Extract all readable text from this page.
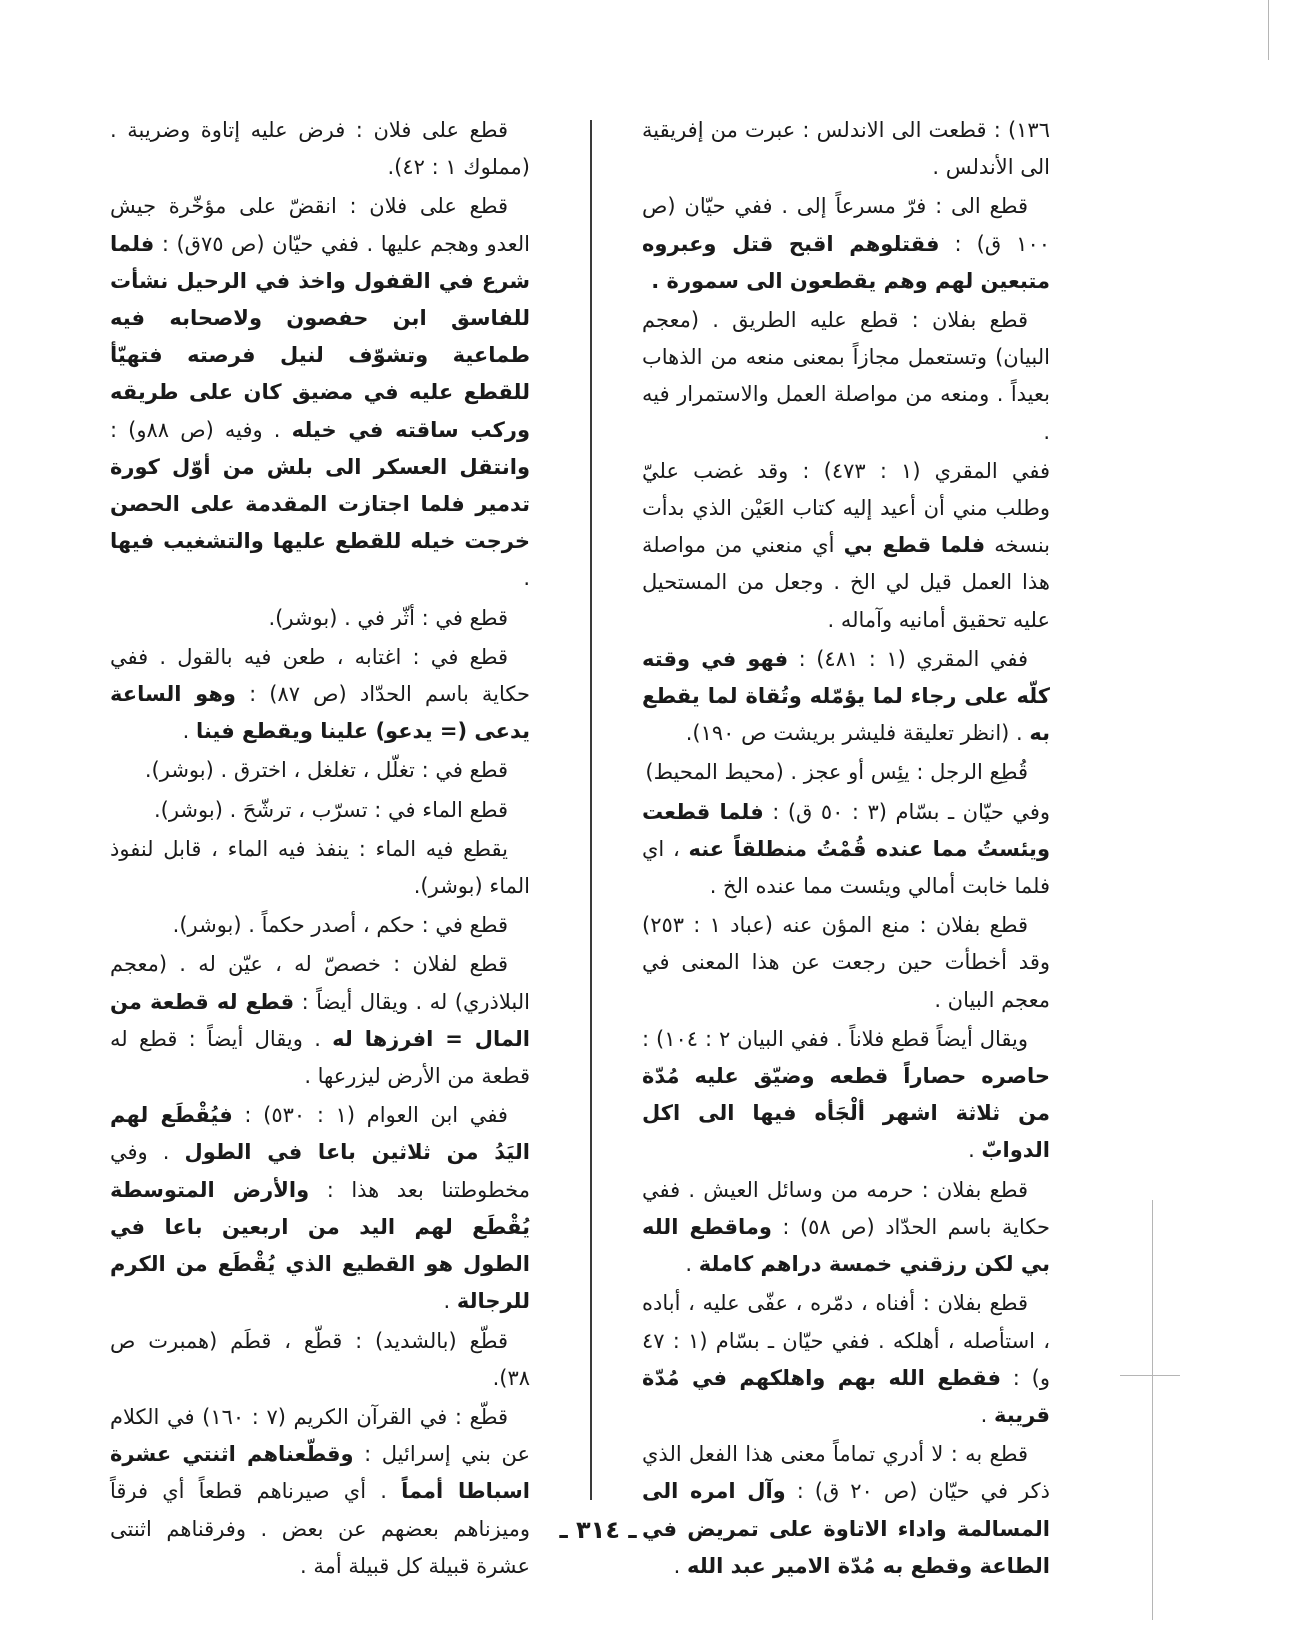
١٣٦) : قطعت الى الاندلس : عبرت من إفريقية الى الأندلس .

قطع الى : فرّ مسرعاً إلى . ففي حيّان (ص ١٠٠ ق) : فقتلوهم اقبح قتل وعبروه متبعين لهم وهم يقطعون الى سمورة .

قطع بفلان : قطع عليه الطريق . (معجم البيان) وتستعمل مجازاً بمعنى منعه من الذهاب بعيداً . ومنعه من مواصلة العمل والاستمرار فيه .

ففي المقري (١ : ٤٧٣) : وقد غضب عليّ وطلب مني أن أعيد إليه كتاب العَيْن الذي بدأت بنسخه فلما قطع بي أي منعني من مواصلة هذا العمل قيل لي الخ . وجعل من المستحيل عليه تحقيق أمانيه وآماله .

ففي المقري (١ : ٤٨١) : فهو في وقته كلّه على رجاء لما يؤمّله وتُقاة لما يقطع به . (انظر تعليقة فليشر بريشت ص ١٩٠).

قُطِع الرجل : يئِس أو عجز . (محيط المحيط)

وفي حيّان ـ بسّام (٣ : ٥٠ ق) : فلما قطعت ويئستُ مما عنده قُمْتُ منطلقاً عنه ، اي فلما خابت أمالي ويئست مما عنده الخ .

قطع بفلان : منع المؤن عنه (عباد ١ : ٢٥٣) وقد أخطأت حين رجعت عن هذا المعنى في معجم البيان .

ويقال أيضاً قطع فلاناً . ففي البيان ٢ : ١٠٤) : حاصره حصاراً قطعه وضيّق عليه مُدّة من ثلاثة اشهر ألْجَأه فيها الى اكل الدوابّ .

قطع بفلان : حرمه من وسائل العيش . ففي حكاية باسم الحدّاد (ص ٥٨) : وماقطع الله بي لكن رزقني خمسة دراهم كاملة .

قطع بفلان : أفناه ، دمّره ، عفّى عليه ، أباده ، استأصله ، أهلكه . ففي حيّان ـ بسّام (١ : ٤٧ و) : فقطع الله بهم واهلكهم في مُدّة قريبة .

قطع به : لا أدري تماماً معنى هذا الفعل الذي ذكر في حيّان (ص ٢٠ ق) : وآل امره الى المسالمة واداء الاتاوة على تمريض في الطاعة وقطع به مُدّة الامير عبد الله .

قطع على فلان : فرض عليه إتاوة وضريبة . (مملوك ١ : ٤٢).

قطع على فلان : انقضّ على مؤخّرة جيش العدو وهجم عليها . ففي حيّان (ص ٧٥ق) : فلما شرع في القفول واخذ في الرحيل نشأت للفاسق ابن حفصون ولاصحابه فيه طماعية وتشوّف لنيل فرصته فتهيّأ للقطع عليه في مضيق كان على طريقه وركب ساقته في خيله . وفيه (ص ٨٨و) : وانتقل العسكر الى بلش من أوّل كورة تدمير فلما اجتازت المقدمة على الحصن خرجت خيله للقطع عليها والتشغيب فيها .

قطع في : أثّر في . (بوشر).

قطع في : اغتابه ، طعن فيه بالقول . ففي حكاية باسم الحدّاد (ص ٨٧) : وهو الساعة يدعى (= يدعو) علينا ويقطع فينا .

قطع في : تغلّل ، تغلغل ، اخترق . (بوشر).

قطع الماء في : تسرّب ، ترشّحَ . (بوشر).

يقطع فيه الماء : ينفذ فيه الماء ، قابل لنفوذ الماء (بوشر).

قطع في : حكم ، أصدر حكماً . (بوشر).

قطع لفلان : خصصّ له ، عيّن له . (معجم البلاذري) له . ويقال أيضاً : قطع له قطعة من المال = افرزها له . ويقال أيضاً : قطع له قطعة من الأرض ليزرعها .

ففي ابن العوام (١ : ٥٣٠) : فيُقْطَع لهم اليَدُ من ثلاثين باعا في الطول . وفي مخطوطتنا بعد هذا : والأرض المتوسطة يُقْطَع لهم اليد من اربعين باعا في الطول هو القطيع الذي يُقْطَع من الكرم للرجالة .

قطّع (بالشديد) : قطّع ، قطَم (همبرت ص ٣٨).

قطّع : في القرآن الكريم (٧ : ١٦٠) في الكلام عن بني إسرائيل : وقطّعناهم اثنتي عشرة اسباطا أمماً . أي صيرناهم قطعاً أي فرقاً وميزناهم بعضهم عن بعض . وفرقناهم اثنتى عشرة قبيلة كل قبيلة أمة .

ـ ٣١٤ ـ
